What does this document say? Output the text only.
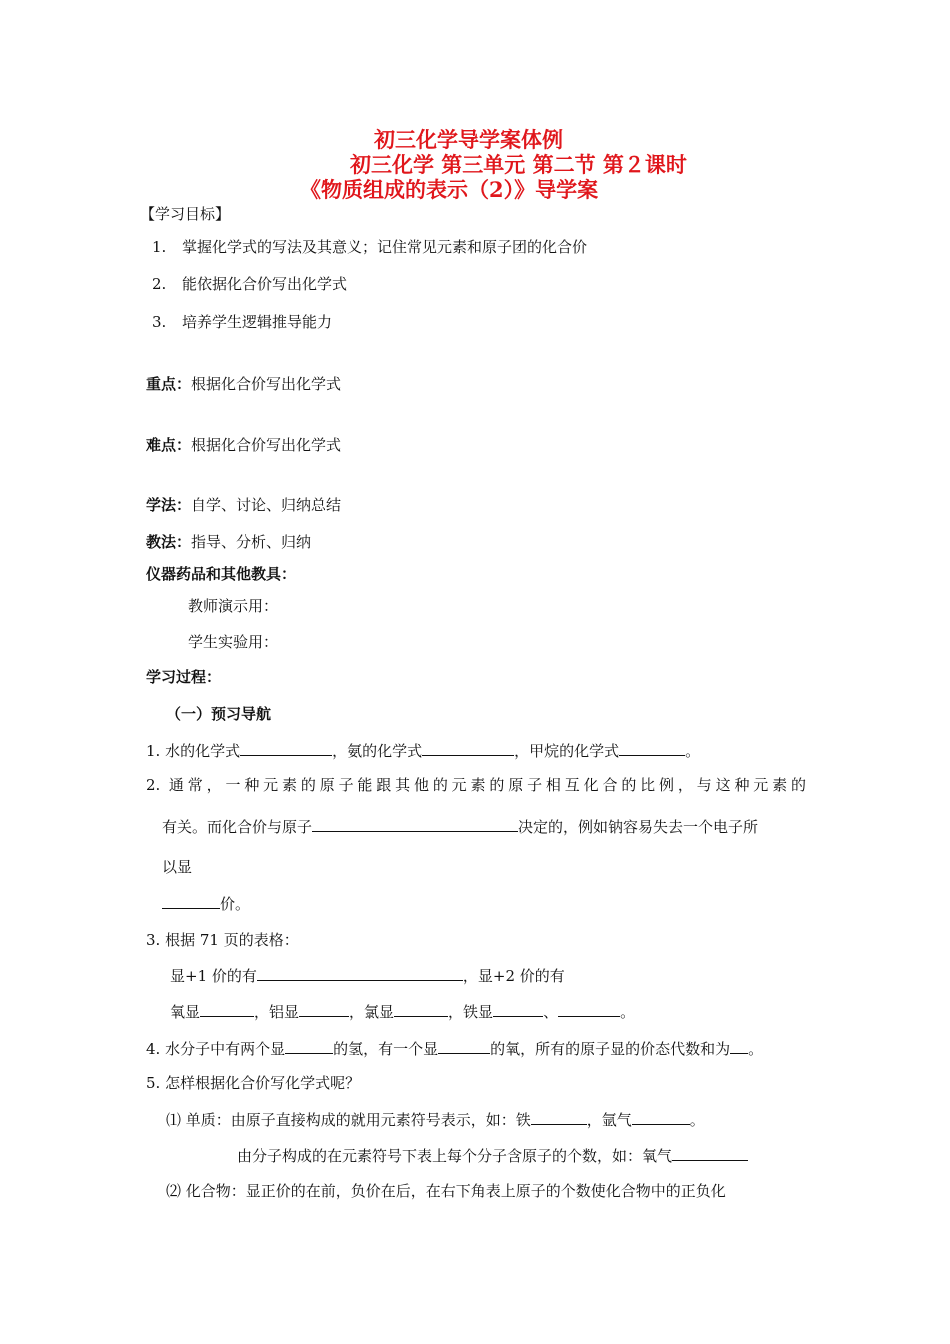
初三化学导学案体例
初三化学 第三单元 第二节 第２课时
《物质组成的表示（2）》导学案
【学习目标】
1. 掌握化学式的写法及其意义；记住常见元素和原子团的化合价
2. 能依据化合价写出化学式
3. 培养学生逻辑推导能力
重点：根据化合价写出化学式
难点：根据化合价写出化学式
学法：自学、讨论、归纳总结
教法：指导、分析、归纳
仪器药品和其他教具：
教师演示用：
学生实验用：
学习过程：
（一）预习导航
1. 水的化学式	，氨的化学式	，甲烷的化学式	。
2. 通常，一种元素的原子能跟其他的元素的原子相互化合的比例，与这种元素的
有关。而化合价与原子	决定的，例如钠容易失去一个电子所
以显
价。
3. 根据 71 页的表格：
显+1 价的有	，显+2 价的有
氧显	，铝显	，氯显	，铁显	、	。
4. 水分子中有两个显	的氢，有一个显	的氧，所有的原子显的价态代数和为 。
5. 怎样根据化合价写化学式呢？
⑴ 单质：由原子直接构成的就用元素符号表示，如：铁	，氩气	。
由分子构成的在元素符号下表上每个分子含原子的个数，如：氧气
⑵ 化合物：显正价的在前，负价在后，在右下角表上原子的个数使化合物中的正负化
